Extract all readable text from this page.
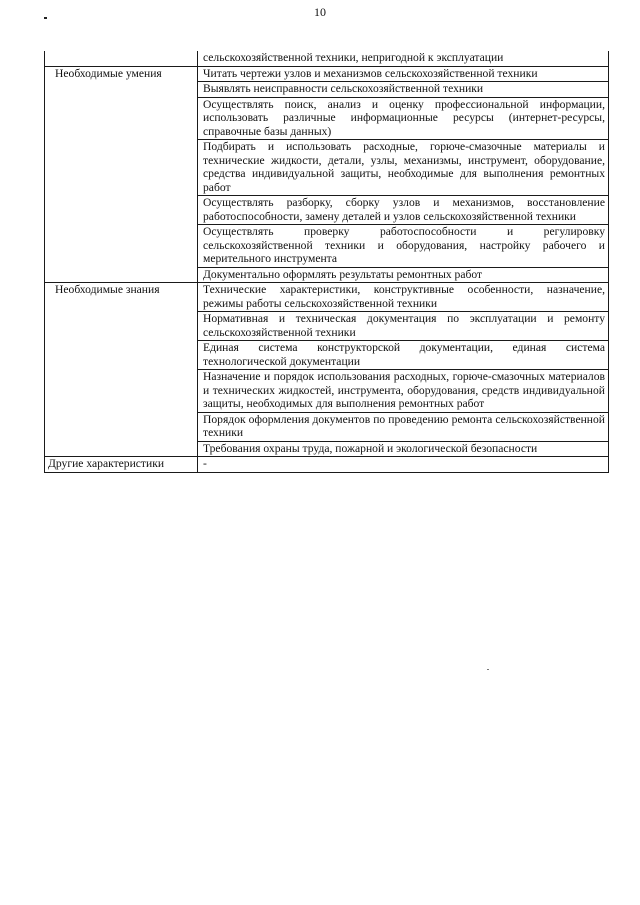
10
	сельскохозяйственной техники, непригодной к эксплуатации
Необходимые умения	Читать чертежи узлов и механизмов сельскохозяйственной техники
	Выявлять неисправности сельскохозяйственной техники
	Осуществлять поиск, анализ и оценку профессиональной информации, использовать различные информационные ресурсы (интернет-ресурсы, справочные базы данных)
	Подбирать и использовать расходные, горюче-смазочные материалы и технические жидкости, детали, узлы, механизмы, инструмент, оборудование, средства индивидуальной защиты, необходимые для выполнения ремонтных работ
	Осуществлять разборку, сборку узлов и механизмов, восстановление работоспособности, замену деталей и узлов сельскохозяйственной техники
	Осуществлять проверку работоспособности и регулировку сельскохозяйственной техники и оборудования, настройку рабочего и мерительного инструмента
	Документально оформлять результаты ремонтных работ
Необходимые знания	Технические характеристики, конструктивные особенности, назначение, режимы работы сельскохозяйственной техники
	Нормативная и техническая документация по эксплуатации и ремонту сельскохозяйственной техники
	Единая система конструкторской документации, единая система технологической документации
	Назначение и порядок использования расходных, горюче-смазочных материалов и технических жидкостей, инструмента, оборудования, средств индивидуальной защиты, необходимых для выполнения ремонтных работ
	Порядок оформления документов по проведению ремонта сельскохозяйственной техники
	Требования охраны труда, пожарной и экологической безопасности
Другие характеристики	-
